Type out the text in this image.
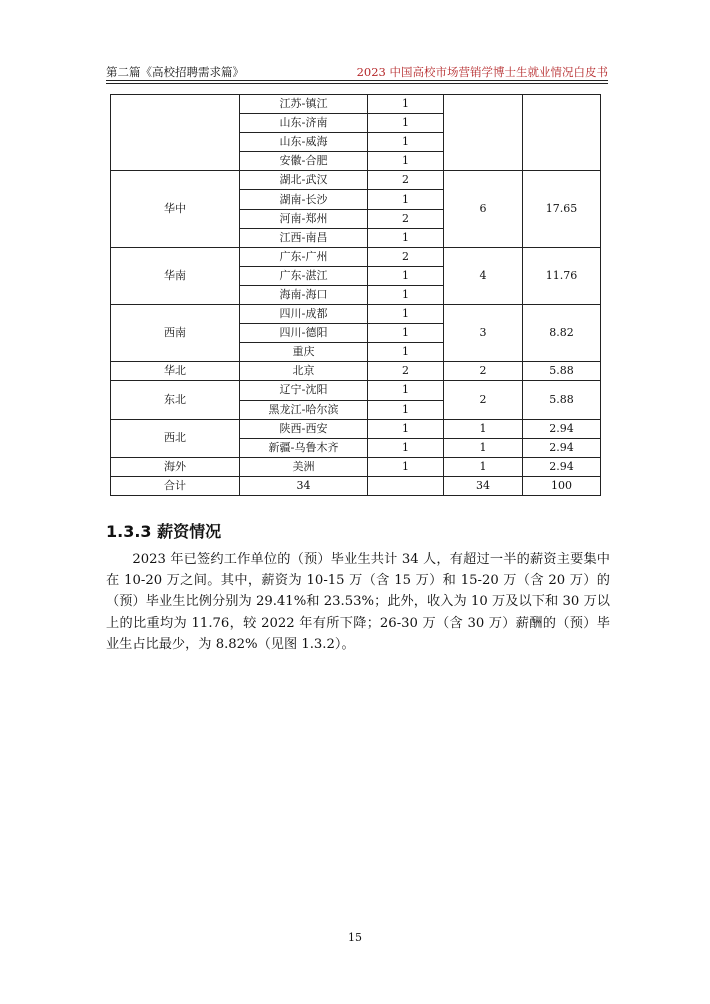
第二篇《高校招聘需求篇》	2023 中国高校市场营销学博士生就业情况白皮书
	江苏-镇江	1		
	山东-济南	1		
	山东-威海	1		
	安徽-合肥	1		
华中	湖北-武汉	2	6	17.65
	湖南-长沙	1		
	河南-郑州	2		
	江西-南昌	1		
华南	广东-广州	2	4	11.76
	广东-湛江	1		
	海南-海口	1		
西南	四川-成都	1	3	8.82
	四川-德阳	1		
	重庆	1		
华北	北京	2	2	5.88
东北	辽宁-沈阳	1	2	5.88
	黑龙江-哈尔滨	1		
西北	陕西-西安	1	1	2.94
	新疆-乌鲁木齐	1	1	2.94
海外	美洲	1	1	2.94
合计	34		34	100
1.3.3 薪资情况

2023 年已签约工作单位的（预）毕业生共计 34 人，有超过一半的薪资主要集中在 10-20 万之间。其中，薪资为 10-15 万（含 15 万）和 15-20 万（含 20 万）的（预）毕业生比例分别为 29.41%和 23.53%；此外，收入为 10 万及以下和 30 万以上的比重均为 11.76，较 2022 年有所下降；26-30 万（含 30 万）薪酬的（预）毕业生占比最少，为 8.82%（见图 1.3.2）。

15
